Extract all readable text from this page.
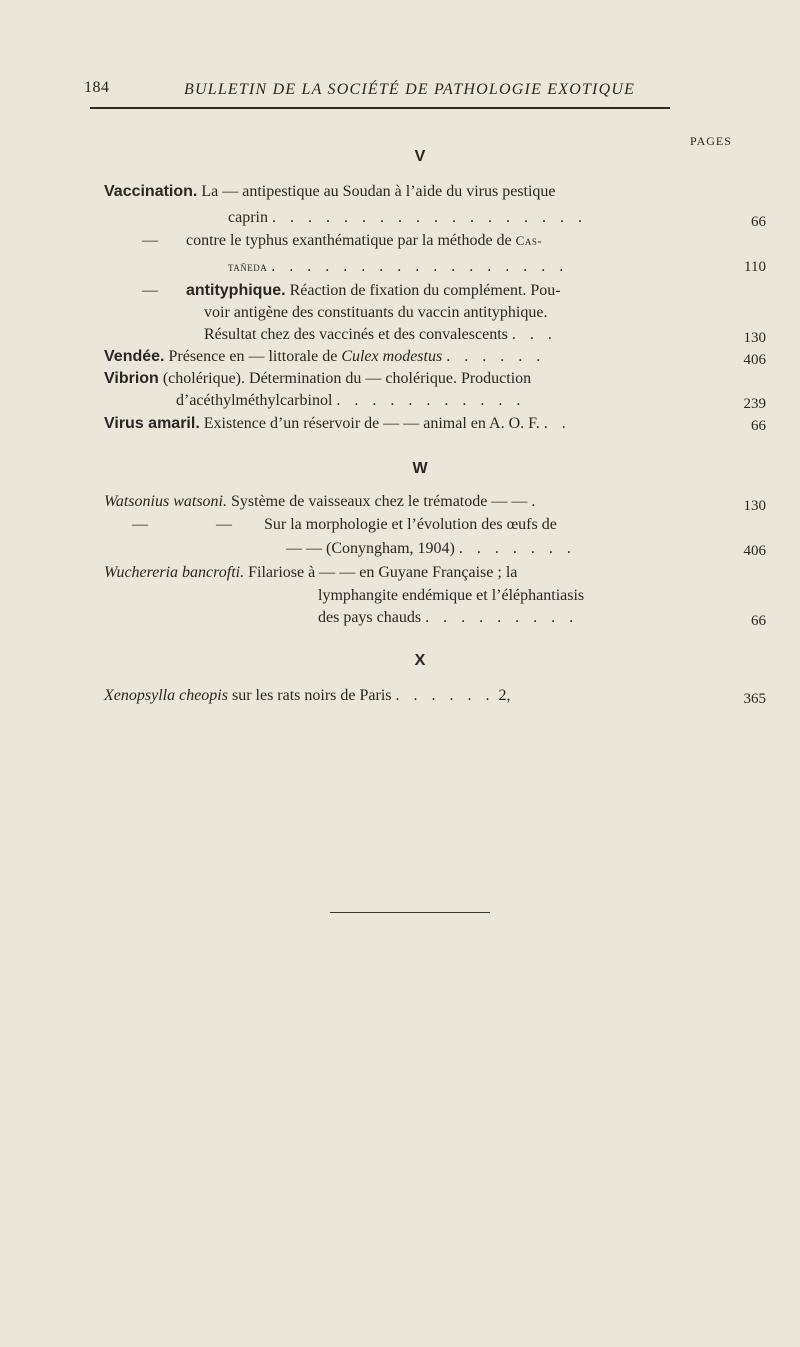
184	BULLETIN DE LA SOCIÉTÉ DE PATHOLOGIE EXOTIQUE
PAGES
V
Vaccination. La — antipestique au Soudan à l’aide du virus pestique
caprin . . . . . . . . . . . . . . . . . .	66
— contre le typhus exanthématique par la méthode de Cas-
tañeda . . . . . . . . . . . . . . . . .	110
— antityphique. Réaction de fixation du complément. Pou-
voir antigène des constituants du vaccin antityphique.
Résultat chez des vaccinés et des convalescents . . .	130
Vendée. Présence en — littorale de Culex modestus . . . . . .	406
Vibrion (cholérique). Détermination du — cholérique. Production
d’acéthylméthylcarbinol . . . . . . . . . . .	239
Virus amaril. Existence d’un réservoir de — — animal en A. O. F. . .	66
W
Watsonius watsoni. Système de vaisseaux chez le trématode — — .	130
—	— Sur la morphologie et l’évolution des œufs de
— — (Conyngham, 1904) . . . . . . .	406
Wuchereria bancrofti. Filariose à — — en Guyane Française ; la
lymphangite endémique et l’éléphantiasis
des pays chauds . . . . . . . . .	66
X
Xenopsylla cheopis sur les rats noirs de Paris . . . . . . 2,	365
